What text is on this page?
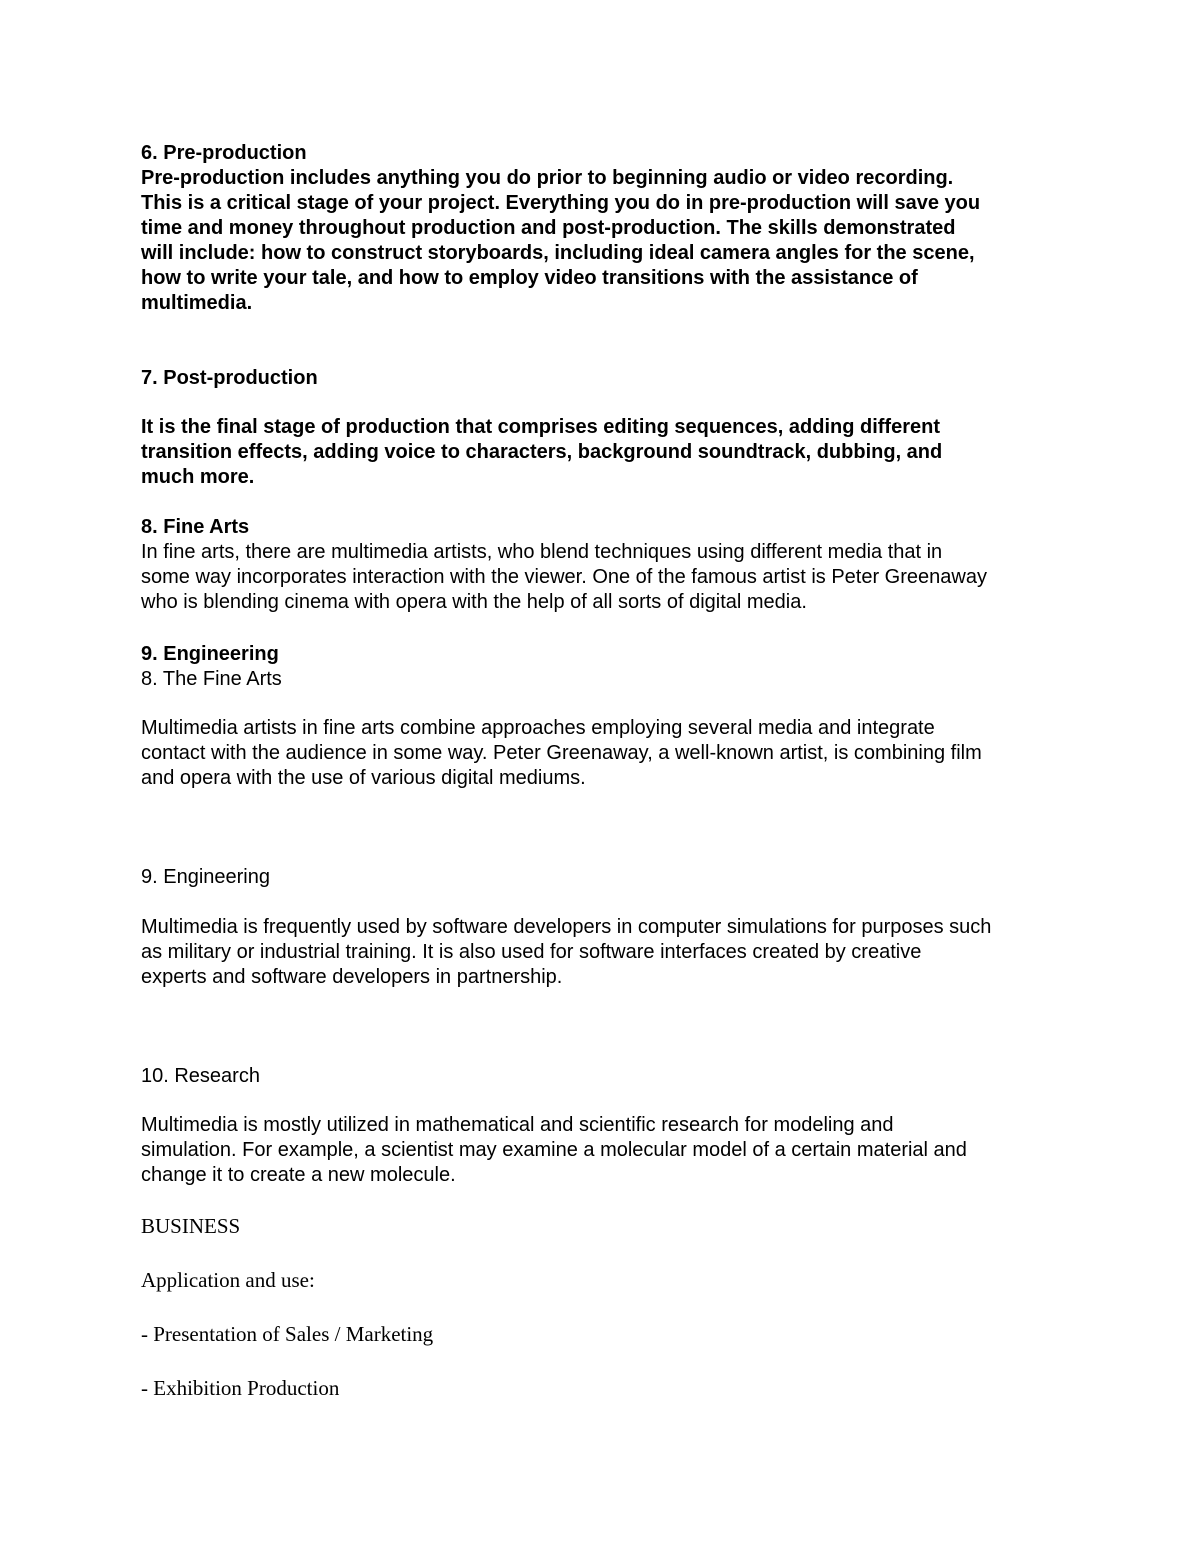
6. Pre-production
Pre-production includes anything you do prior to beginning audio or video recording.
This is a critical stage of your project. Everything you do in pre-production will save you
time and money throughout production and post-production. The skills demonstrated
will include: how to construct storyboards, including ideal camera angles for the scene,
how to write your tale, and how to employ video transitions with the assistance of
multimedia.
7. Post-production
It is the final stage of production that comprises editing sequences, adding different
transition effects, adding voice to characters, background soundtrack, dubbing, and
much more.
8. Fine Arts
In fine arts, there are multimedia artists, who blend techniques using different media that in
some way incorporates interaction with the viewer. One of the famous artist is Peter Greenaway
who is blending cinema with opera with the help of all sorts of digital media.
9. Engineering
8. The Fine Arts
Multimedia artists in fine arts combine approaches employing several media and integrate
contact with the audience in some way. Peter Greenaway, a well-known artist, is combining film
and opera with the use of various digital mediums.
9. Engineering
Multimedia is frequently used by software developers in computer simulations for purposes such
as military or industrial training. It is also used for software interfaces created by creative
experts and software developers in partnership.
10. Research
Multimedia is mostly utilized in mathematical and scientific research for modeling and
simulation. For example, a scientist may examine a molecular model of a certain material and
change it to create a new molecule.
BUSINESS
Application and use:
- Presentation of Sales / Marketing
- Exhibition Production
